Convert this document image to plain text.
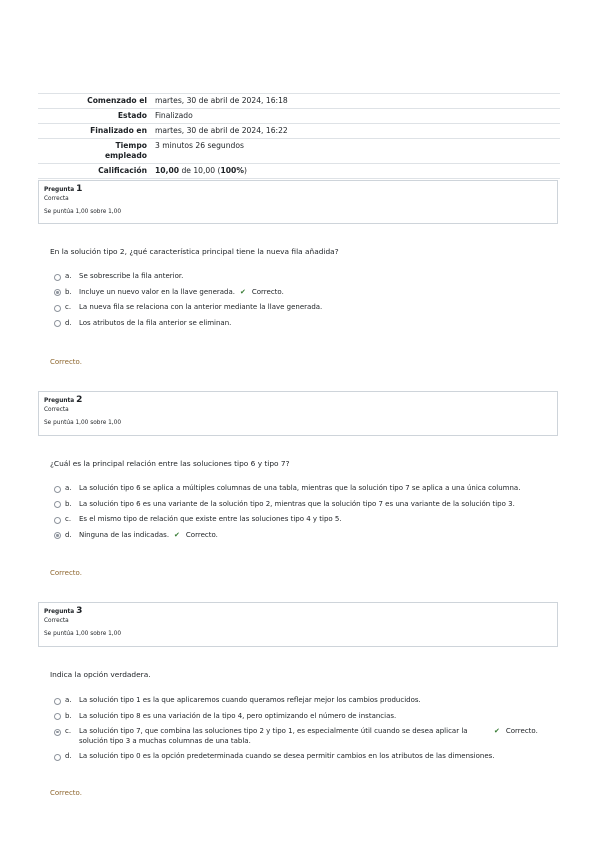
Comenzado el	martes, 30 de abril de 2024, 16:18
Estado	Finalizado
Finalizado en	martes, 30 de abril de 2024, 16:22
Tiempo empleado	3 minutos 26 segundos
Calificación	10,00 de 10,00 (100%)
Pregunta 1
Correcta
Se puntúa 1,00 sobre 1,00
En la solución tipo 2, ¿qué característica principal tiene la nueva fila añadida?
a.	Se sobrescribe la fila anterior.
b.	Incluye un nuevo valor en la llave generada. ✔ Correcto.
c.	La nueva fila se relaciona con la anterior mediante la llave generada.
d.	Los atributos de la fila anterior se eliminan.
Correcto.
Pregunta 2
Correcta
Se puntúa 1,00 sobre 1,00
¿Cuál es la principal relación entre las soluciones tipo 6 y tipo 7?
a.	La solución tipo 6 se aplica a múltiples columnas de una tabla, mientras que la solución tipo 7 se aplica a una única columna.
b.	La solución tipo 6 es una variante de la solución tipo 2, mientras que la solución tipo 7 es una variante de la solución tipo 3.
c.	Es el mismo tipo de relación que existe entre las soluciones tipo 4 y tipo 5.
d.	Ninguna de las indicadas. ✔ Correcto.
Correcto.
Pregunta 3
Correcta
Se puntúa 1,00 sobre 1,00
Indica la opción verdadera.
a.	La solución tipo 1 es la que aplicaremos cuando queramos reflejar mejor los cambios producidos.
b.	La solución tipo 8 es una variación de la tipo 4, pero optimizando el número de instancias.
c.	La solución tipo 7, que combina las soluciones tipo 2 y tipo 1, es especialmente útil cuando se desea aplicar la solución tipo 3 a muchas columnas de una tabla.
✔ Correcto.
d.	La solución tipo 0 es la opción predeterminada cuando se desea permitir cambios en los atributos de las dimensiones.
Correcto.
